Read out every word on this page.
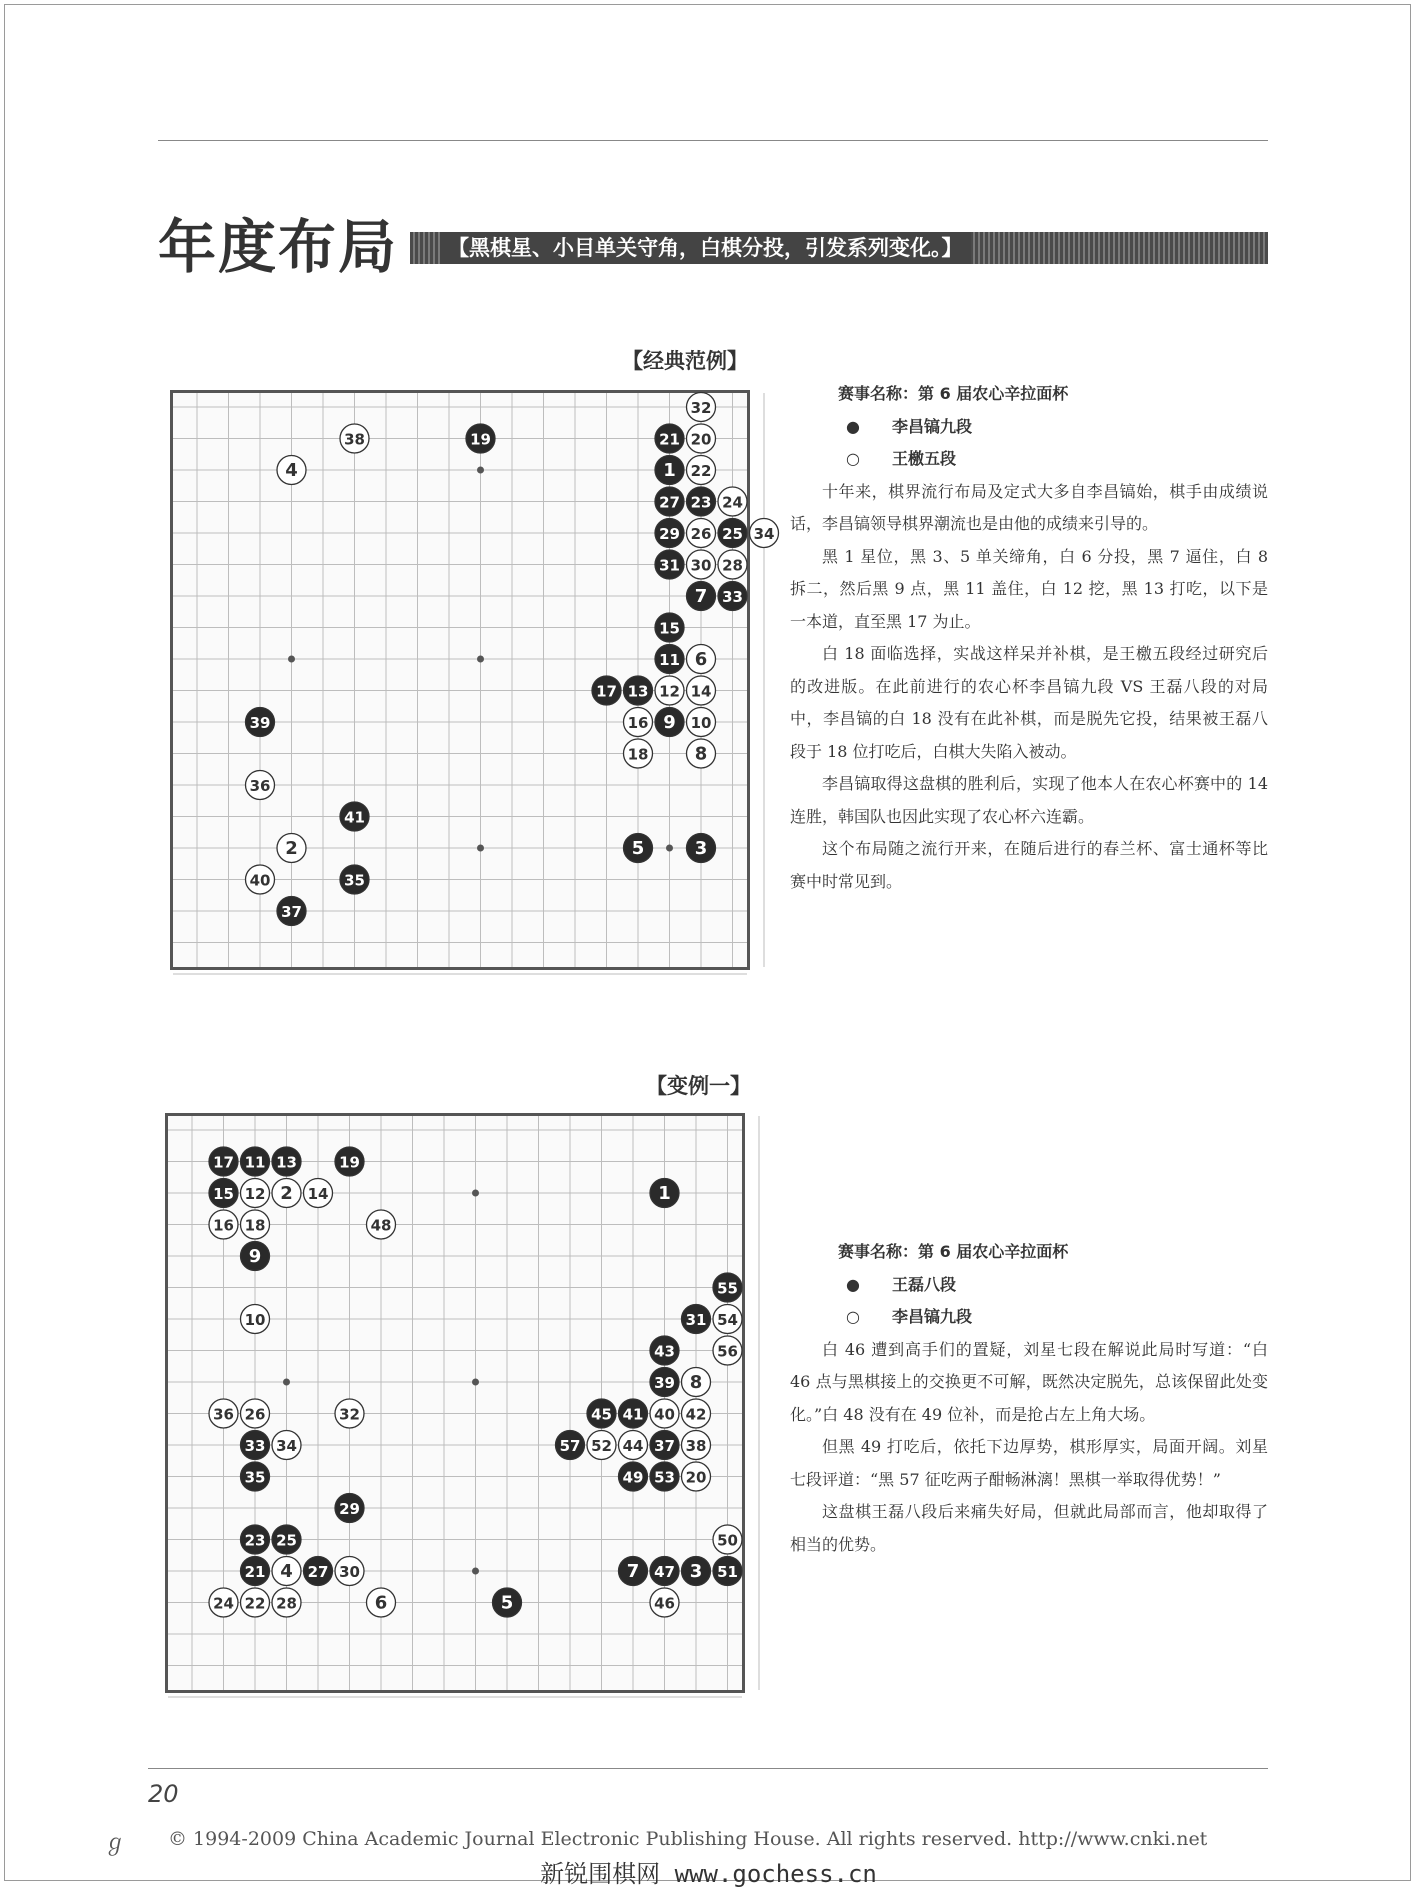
年度布局	【黑棋星、小目单关守角，白棋分投，引发系列变化。】
【经典范例】
32
38	19	21 20
4	1 22
27 23 24
29 26 25 34
31 30 28
7 33
15
11 6
17 13 12 14
39	16 9 10
18	8
36
41
2	5	3
40	35
37
赛事名称：第 6 届农心辛拉面杯
● 李昌镐九段
○ 王檄五段

十年来，棋界流行布局及定式大多自李昌镐始，棋手由成绩说话，李昌镐领导棋界潮流也是由他的成绩来引导的。

黑 1 星位，黑 3、5 单关缔角，白 6 分投，黑 7 逼住，白 8 拆二，然后黑 9 点，黑 11 盖住，白 12 挖，黑 13 打吃，以下是一本道，直至黑 17 为止。

白 18 面临选择，实战这样呆并补棋，是王檄五段经过研究后的改进版。在此前进行的农心杯李昌镐九段 VS 王磊八段的对局中，李昌镐的白 18 没有在此补棋，而是脱先它投，结果被王磊八段于 18 位打吃后，白棋大失陷入被动。

李昌镐取得这盘棋的胜利后，实现了他本人在农心杯赛中的 14 连胜，韩国队也因此实现了农心杯六连霸。

这个布局随之流行开来，在随后进行的春兰杯、富士通杯等比赛中时常见到。

【变例一】
17 11 13	19
15 12 2 14	1
16 18	48
9
55
10	31 54
43	56
39 8
36 26	32	45 41 40 42
33 34	57 52 44 37 38
35	49 53 20
29
23 25	50
21 4 27 30	7 47 3 51
24 22 28	6	5	46
赛事名称：第 6 届农心辛拉面杯
● 王磊八段
○ 李昌镐九段

白 46 遭到高手们的置疑，刘星七段在解说此局时写道：“白 46 点与黑棋接上的交换更不可解，既然决定脱先，总该保留此处变化。”白 48 没有在 49 位补，而是抢占左上角大场。

但黑 49 打吃后，依托下边厚势，棋形厚实，局面开阔。刘星七段评道：“黑 57 征吃两子酣畅淋漓！黑棋一举取得优势！”

这盘棋王磊八段后来痛失好局，但就此局部而言，他却取得了相当的优势。

20
ℊ © 1994-2009 China Academic Journal Electronic Publishing House. All rights reserved. http://www.cnki.net
新锐围棋网 www.gochess.cn
